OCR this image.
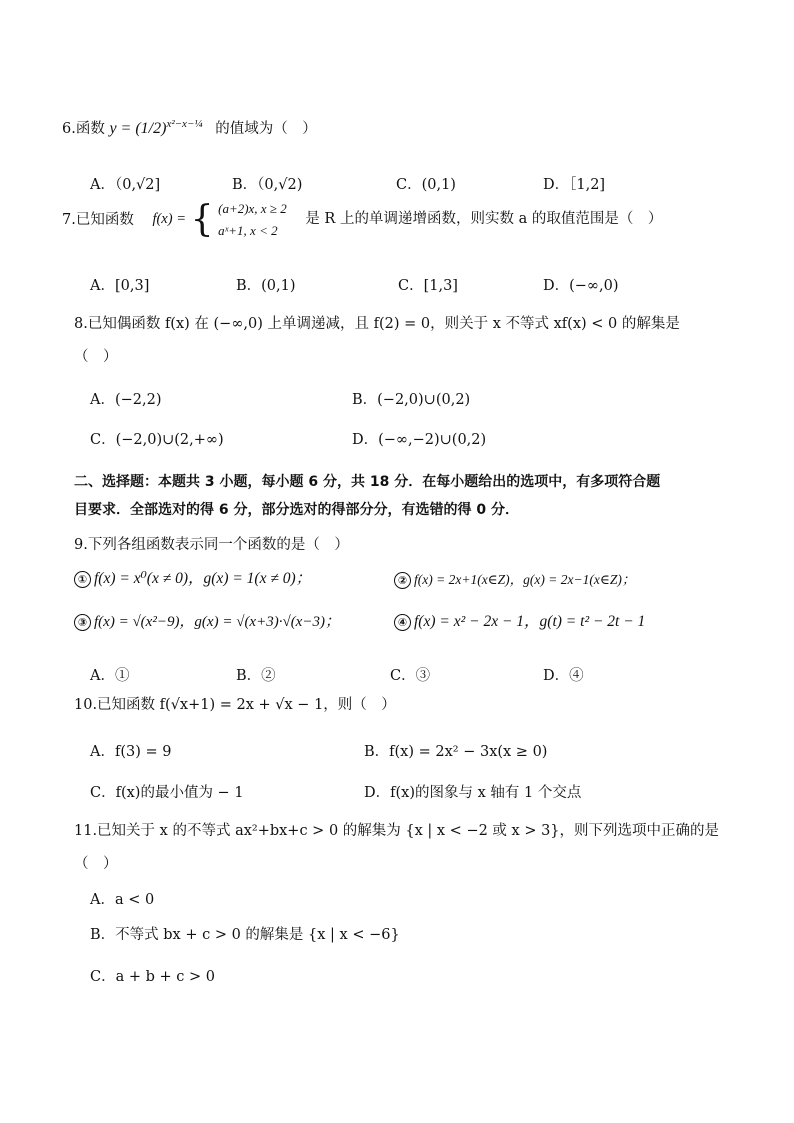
6.函数 $y = (1/2)^{x^2-x-\frac{1}{4}}$ 的值域为（　）
A．（0,√2]	B．（0,√2)	C．(0,1)	D．［1,2]
7.已知函数 f(x) = { (a+2)x, x ≥ 2
aˣ+1, x < 2
是 R 上的单调递增函数，则实数 a 的取值范围是（　）
A．[0,3]	B．(0,1)	C．[1,3]	D．(−∞,0)
8.已知偶函数 f(x) 在 (−∞,0) 上单调递减，且 f(2) = 0，则关于 x 不等式 xf(x) < 0 的解集是
（　）
A．(−2,2)	B．(−2,0)∪(0,2)
C．(−2,0)∪(2,+∞)	D．(−∞,−2)∪(0,2)
二、选择题：本题共 3 小题，每小题 6 分，共 18 分．在每小题给出的选项中，有多项符合题
目要求．全部选对的得 6 分，部分选对的得部分分，有选错的得 0 分．
9.下列各组函数表示同一个函数的是（　）
① f(x) = x⁰(x ≠ 0)，g(x) = 1(x ≠ 0)；	② f(x) = 2x+1(x∈Z)，g(x) = 2x−1(x∈Z)；
③ f(x) = √(x²−9)，g(x) = √(x+3)·√(x−3)；	④ f(x) = x² − 2x − 1，g(t) = t² − 2t − 1
A．①	B．②	C．③	D．④
10.已知函数 f(√x+1) = 2x + √x − 1，则（　）
A．f(3) = 9	B．f(x) = 2x² − 3x(x ≥ 0)
C．f(x)的最小值为 − 1	D．f(x)的图象与 x 轴有 1 个交点
11.已知关于 x 的不等式 ax²+bx+c > 0 的解集为 {x | x < −2 或 x > 3}，则下列选项中正确的是
（　）
A．a < 0
B．不等式 bx + c > 0 的解集是 {x | x < −6}
C．a + b + c > 0
